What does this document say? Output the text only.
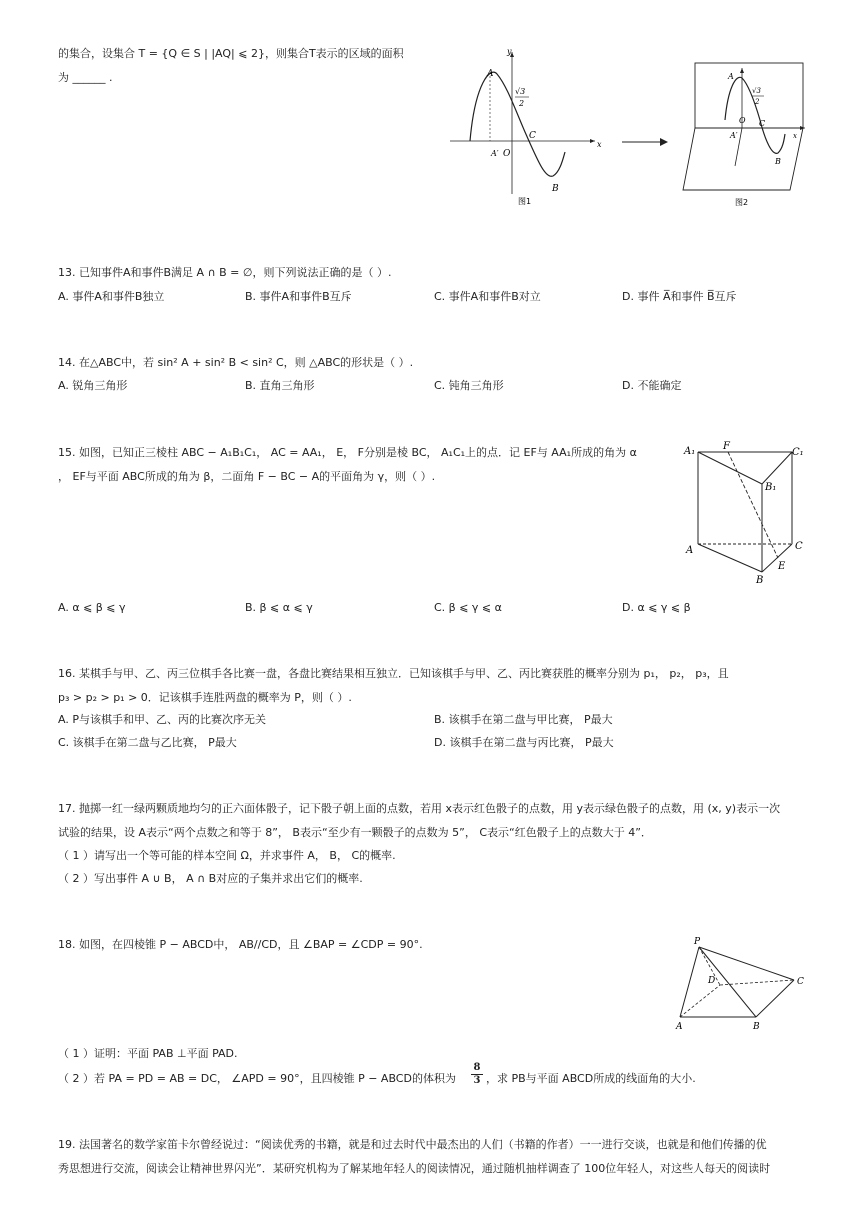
的集合，设集合 T = {Q ∈ S | |AQ| ⩽ 2}，则集合T表示的区域的面积
为 ______ .
y
x
A
√3
2
C
A′ O
B
图1
A
√3
2
O C
A′
B
x
图2
13. 已知事件A和事件B满足 A ∩ B = ∅，则下列说法正确的是（ ）.
A. 事件A和事件B独立	B. 事件A和事件B互斥	C. 事件A和事件B对立	D. 事件 A̅和事件 B̅互斥
14. 在△ABC中，若 sin² A + sin² B < sin² C，则 △ABC的形状是（ ）.
A. 锐角三角形	B. 直角三角形	C. 钝角三角形	D. 不能确定
15. 如图，已知正三棱柱 ABC − A₁B₁C₁， AC = AA₁， E， F分别是棱 BC， A₁C₁上的点．记 EF与 AA₁所成的角为 α
， EF与平面 ABC所成的角为 β，二面角 F − BC − A的平面角为 γ，则（ ）.
A₁	F
C₁
B₁
A	C
B
E
A. α ⩽ β ⩽ γ	B. β ⩽ α ⩽ γ	C. β ⩽ γ ⩽ α	D. α ⩽ γ ⩽ β
16. 某棋手与甲、乙、丙三位棋手各比赛一盘，各盘比赛结果相互独立．已知该棋手与甲、乙、丙比赛获胜的概率分别为 p₁， p₂， p₃，且
p₃ > p₂ > p₁ > 0．记该棋手连胜两盘的概率为 P，则（ ）.
A. P与该棋手和甲、乙、丙的比赛次序无关	B. 该棋手在第二盘与甲比赛， P最大
C. 该棋手在第二盘与乙比赛， P最大	D. 该棋手在第二盘与丙比赛， P最大
17. 抛掷一红一绿两颗质地均匀的正六面体骰子，记下骰子朝上面的点数，若用 x表示红色骰子的点数，用 y表示绿色骰子的点数，用 (x, y)表示一次
试验的结果，设 A表示“两个点数之和等于 8”， B表示“至少有一颗骰子的点数为 5”， C表示“红色骰子上的点数大于 4”．
（ 1 ）请写出一个等可能的样本空间 Ω，并求事件 A， B， C的概率.
（ 2 ）写出事件 A ∪ B， A ∩ B对应的子集并求出它们的概率.
18. 如图，在四棱锥 P − ABCD中， AB//CD，且 ∠BAP = ∠CDP = 90°.	P
D	C
A	B
（ 1 ）证明：平面 PAB ⊥平面 PAD.
（ 2 ）若 PA = PD = AB = DC， ∠APD = 90°，且四棱锥 P − ABCD的体积为 $\frac{8}{3}$ ，求 PB与平面 ABCD所成的线面角的大小.
19. 法国著名的数学家笛卡尔曾经说过：“阅读优秀的书籍，就是和过去时代中最杰出的人们（书籍的作者）一一进行交谈，也就是和他们传播的优
秀思想进行交流，阅读会让精神世界闪光”．某研究机构为了解某地年轻人的阅读情况，通过随机抽样调查了 100位年轻人，对这些人每天的阅读时
